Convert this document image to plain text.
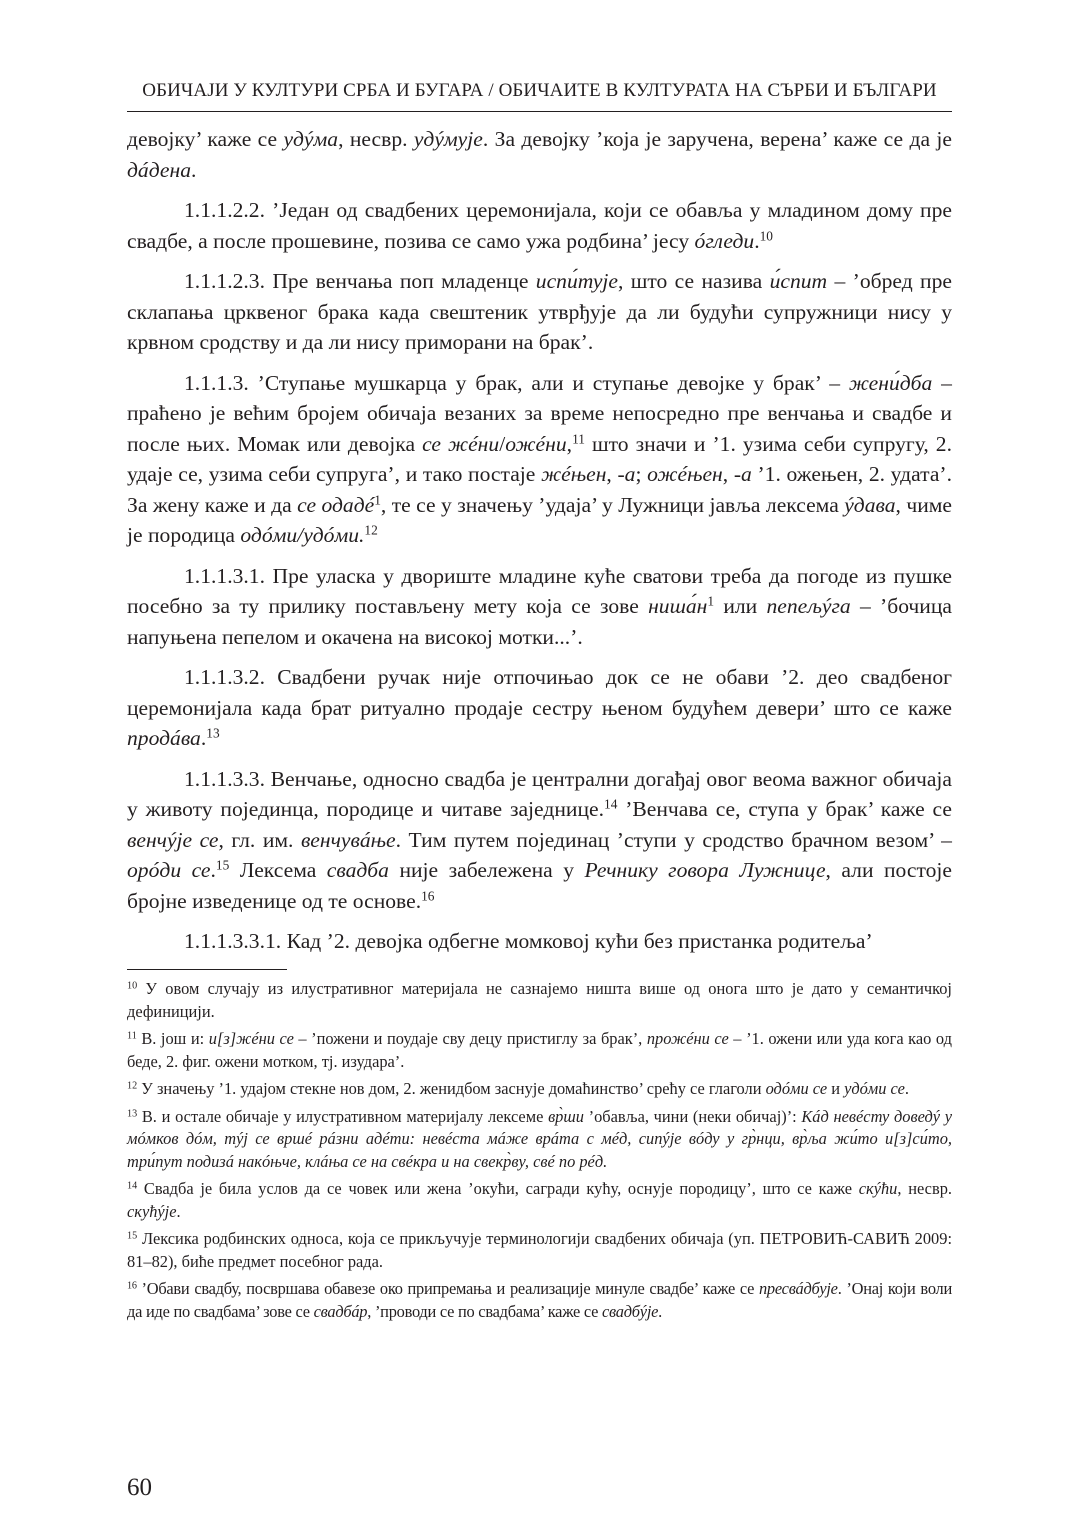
ОБИЧАЈИ У КУЛТУРИ СРБА И БУГАРА / ОБИЧАИТЕ В КУЛТУРАТА НА СЪРБИ И БЪЛГАРИ

девојку’ каже се удýма, несвр. удýмује. За девојку ’која је заручена, верена’ каже се да је дáдена.

1.1.1.2.2. ’Један од свадбених церемонијала, који се обавља у младином дому пре свадбе, а после прошевине, позива се само ужа родбина’ јесу óгледи.$^{10}$

1.1.1.2.3. Пре венчања поп младенце испи́тује, што се назива и́спит – ’обред пре склапања црквеног брака када свештеник утврђује да ли будући супружници нису у крвном сродству и да ли нису приморани на брак’.

1.1.1.3. ’Ступање мушкарца у брак, али и ступање девојке у брак’ – жени́дба – праћено је већим бројем обичаја везаних за време непосредно пре венчања и свадбе и после њих. Момак или девојка се жéни/ожéни,$^{11}$ што значи и ’1. узима себи супругу, 2. удаје се, узима себи супруга’, и тако постаје жéњен, -а; ожéњен, -а ’1. ожењен, 2. удата’. За жену каже и да се одадé$^1$, те се у значењу ’удаја’ у Лужници јавља лексема ýдава, чиме је породица одóми/удóми.$^{12}$

1.1.1.3.1. Пре уласка у двориште младине куће сватови треба да погоде из пушке посебно за ту прилику постављену мету која се зове $ниша́н^1$ или пепељýга – ’бочица напуњена пепелом и окачена на високој мотки...’.

1.1.1.3.2. Свадбени ручак није отпочињао док се не обави ’2. део свадбеног церемонијала када брат ритуално продаје сестру њеном будућем девери’ што се каже продáва.$^{13}$

1.1.1.3.3. Венчање, односно свадба је централни догађај овог веома важног обичаја у животу појединца, породице и читаве заједнице.$^{14}$ ’Венчава се, ступа у брак’ каже се венчýје се, гл. им. венчувáње. Тим путем појединац ’ступи у сродство брачном везом’ – орóди се.$^{15}$ Лексема свадба није забележена у Речнику говора Лужнице, али постоје бројне изведенице од те основе.$^{16}$

1.1.1.3.3.1. Кад ’2. девојка одбегне момковој кући без пристанка родитеља’

$^{10}$ У овом случају из илустративног материјала не сазнајемо ништа више од онога што је дато у семантичкој дефиницији.

$^{11}$ В. још и: и[з]жéни се – ’пожени и поудаје сву децу пристиглу за брак’, прожéни се – ’1. ожени или уда кога као од беде, 2. фиг. ожени мотком, тј. изудара’.

$^{12}$ У значењу ’1. удајом стекне нов дом, 2. женидбом заснује домаћинство’ срећу се глаголи одóми се и удóми се.

$^{13}$ В. и остале обичаје у илустративном материјалу лексеме вр̀ши ’обавља, чини (неки обичај)’: Кáд невéсту доведý у мóмков дóм, тýј се вршé рáзни адéти: невéста мáже врáта с мéд, сипýје вóду у гр̀нци, вр̀ља жи́то и[з]си́то, три́пут подизá накóњче, клáња се на свéкра и на свекр̀ву, свé по рéд.

$^{14}$ Свадба је била услов да се човек или жена ’окући, сагради кућу, оснује породицу’, што се каже скýћи, несвр. скућýје.

$^{15}$ Лексика родбинских односа, која се прикључује терминологији свадбених обичаја (уп. ПЕТРОВИЋ-САВИЋ 2009: 81–82), биће предмет посебног рада.

$^{16}$ ’Обави свадбу, посвршава обавезе око припремања и реализације минуле свадбе’ каже се пресвáдбује. ’Онај који воли да иде по свадбама’ зове се свадбáр, ’проводи се по свадбама’ каже се свадбýје.

60
